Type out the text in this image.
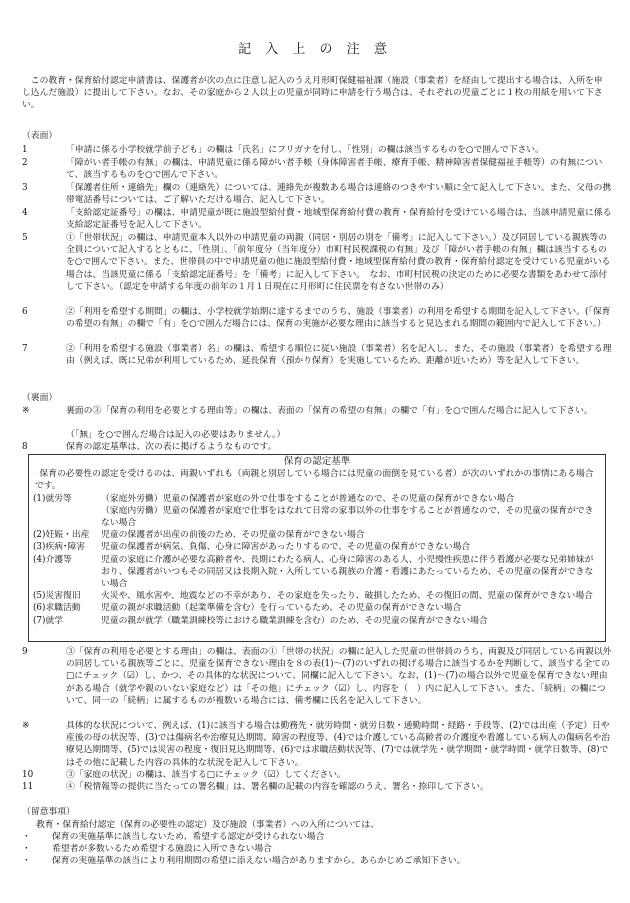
記 入 上 の 注 意
この教育・保育給付認定申請書は、保護者が次の点に注意し記入のうえ月形町保健福祉課（施設（事業者）を経由して提出する場合は、入所を申し込んだ施設）に提出して下さい。なお、その家庭から２人以上の児童が同時に申請を行う場合は、それぞれの児童ごとに１枚の用紙を用いて下さい。
（表面）
1	「申請に係る小学校就学前子ども」の欄は「氏名」にフリガナを付し、「性別」の欄は該当するものを○で囲んで下さい。
2	「障がい者手帳の有無」の欄は、申請児童に係る障がい者手帳（身体障害者手帳、療育手帳、精神障害者保健福祉手帳等）の有無について、該当するものを○で囲んで下さい。
3	「保護者住所・連絡先」欄の（連絡先）については、連絡先が複数ある場合は連絡のつきやすい順に全て記入して下さい。また、父母の携帯電話番号については、ご了解いただける場合、記入して下さい。
4	「支給認定証番号」の欄は、申請児童が既に施設型給付費・地域型保育給付費の教育・保育給付を受けている場合は、当該申請児童に係る支給認定証番号を記入して下さい。
5	①「世帯状況」の欄は、申請児童本人以外の申請児童の両親（同居・別居の別を「備考」に記入して下さい。）及び同居している親族等の全員について記入するとともに、「性別」、「前年度分（当年度分）市町村民税課税の有無」及び「障がい者手帳の有無」欄は該当するものを○で囲んで下さい。また、世帯員の中で申請児童の他に施設型給付費・地域型保育給付費の教育・保育給付認定を受けている児童がいる場合は、当該児童に係る「支給認定証番号」を「備考」に記入して下さい。　なお、市町村民税の決定のために必要な書類をあわせて添付して下さい。（認定を申請する年度の前年の１月１日現在に月形町に住民票を有さない世帯のみ）
6	②「利用を希望する期間」の欄は、小学校就学始期に達するまでのうち、施設（事業者）の利用を希望する期間を記入して下さい。(「保育の希望の有無」の欄で「有」を○で囲んだ場合には、保育の実施が必要な理由に該当すると見込まれる期間の範囲内で記入して下さい。）
7	②「利用を希望する施設（事業者）名」の欄は、希望する順位に従い施設（事業者）名を記入し、また、その施設（事業者）を希望する理由（例えば、既に兄弟が利用しているため、延長保育（預かり保育）を実施しているため、距離が近いため）等を記入して下さい。
（裏面）
※	裏面の③「保育の利用を必要とする理由等」の欄は、表面の「保育の希望の有無」の欄で「有」を○で囲んだ場合に記入して下さい。
（「無」を○で囲んだ場合は記入の必要はありません。）
8	保育の認定基準は、次の表に掲げるようなものです。
保育の認定基準
保育の必要性の認定を受けるのは、両親いずれも（両親と別居している場合には児童の面倒を見ている者）が次のいずれかの事情にある場合です。
(1)就労等	（家庭外労働）児童の保護者が家庭の外で仕事をすることが普通なので、その児童の保育ができない場合
（家庭内労働）児童の保護者が家庭で仕事をはなれて日常の家事以外の仕事をすることが普通なので、その児童の保育ができない場合
(2)妊娠・出産	児童の保護者が出産の前後のため、その児童の保育ができない場合
(3)疾病･障害	児童の保護者が病気、負傷、心身に障害があったりするので、その児童の保育ができない場合
(4)介護等	児童の家庭に介護が必要な高齢者や、長期にわたる病人、心身に障害のある人、小児慢性疾患に伴う看護が必要な兄弟姉妹がおり、保護者がいつもその同居又は長期入院・入所している親族の介護・看護にあたっているため、その児童の保育ができない場合
(5)災害復旧	火災や、風水害や、地震などの不幸があり、その家庭を失ったり、破損したため、その復旧の間、児童の保育ができない場合
(6)求職活動	児童の親が求職活動（起業準備を含む）を行っているため、その児童の保育ができない場合
(7)就学	児童の親が就学（職業訓練校等における職業訓練を含む）のため、その児童の保育ができない場合
9	③「保育の利用を必要とする理由」の欄は、表面の①「世帯の状況」の欄に記入した児童の世帯員のうち、両親及び同居している両親以外の同居している親族等ごとに、児童を保育できない理由を８の表(1)〜(7)のいずれの掲げる場合に該当するかを判断して、該当する全ての□にチェック（☑）し、かつ、その具体的な状況について、同欄に記入して下さい。なお、(1)〜(7)の場合以外で児童を保育できない理由がある場合（就学や親のいない家庭など）は「その他」にチェック（☑）し、内容を（　）内に記入して下さい。また、「続柄」の欄について、同一の「続柄」に属するものが複数いる場合には、備考欄に氏名を記入して下さい。
※	具体的な状況について、例えば、(1)に該当する場合は勤務先・就労時間・就労日数・通勤時間・経路・手段等、(2)では出産（予定）日や産後の母の状況等、(3)では傷病名や治療見込期間、障害の程度等、(4)では介護している高齢者の介護度や看護している病人の傷病名や治療見込期間等、(5)では災害の程度・復旧見込期間等、(6)では求職活動状況等、(7)では就学先・就学期間・就学時間・就学日数等、(8)ではその他に記載した内容の具体的な状況を記入して下さい。
10	③「家庭の状況」の欄は、該当する□にチェック（☑）してください。
11	④「税情報等の提供に当たっての署名欄」は、署名欄の記載の内容を確認のうえ、署名・捺印して下さい。
（留意事項）
教育・保育給付認定（保育の必要性の認定）及び施設（事業者）への入所については、
・	保育の実施基準に該当しないため、希望する認定が受けられない場合
・	希望者が多数いるため希望する施設に入所できない場合
・	保育の実施基準の該当により利用期間の希望に添えない場合がありますから、あらかじめご承知下さい。
